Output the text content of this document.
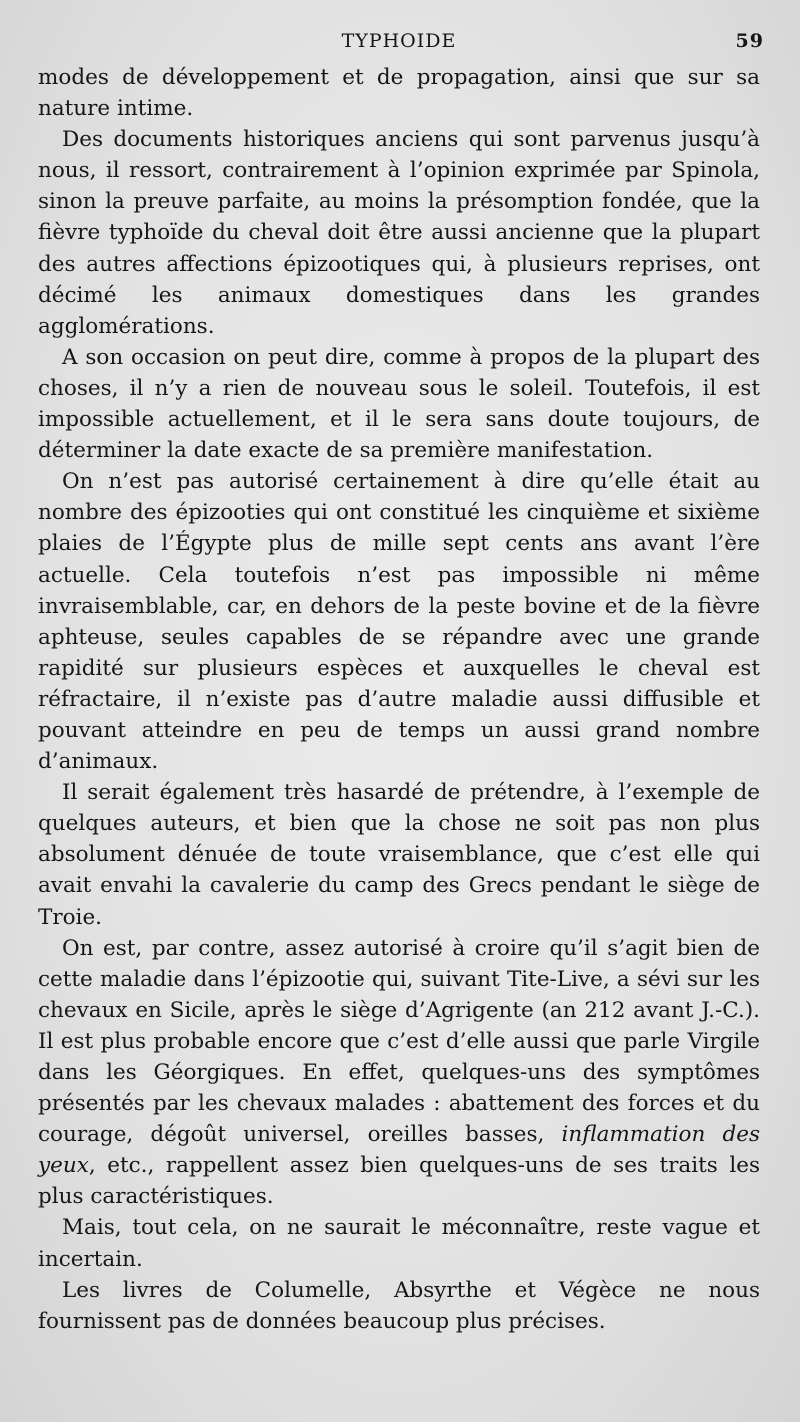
TYPHOIDE	59

modes de développement et de propagation, ainsi que sur sa nature intime.

Des documents historiques anciens qui sont parvenus jusqu’à nous, il ressort, contrairement à l’opinion exprimée par Spinola, sinon la preuve parfaite, au moins la présomption fondée, que la fièvre typhoïde du cheval doit être aussi ancienne que la plupart des autres affections épizootiques qui, à plusieurs reprises, ont décimé les animaux domestiques dans les grandes agglomérations.

A son occasion on peut dire, comme à propos de la plupart des choses, il n’y a rien de nouveau sous le soleil. Toutefois, il est impossible actuellement, et il le sera sans doute toujours, de déterminer la date exacte de sa première manifestation.

On n’est pas autorisé certainement à dire qu’elle était au nombre des épizooties qui ont constitué les cinquième et sixième plaies de l’Égypte plus de mille sept cents ans avant l’ère actuelle. Cela toutefois n’est pas impossible ni même invraisemblable, car, en dehors de la peste bovine et de la fièvre aphteuse, seules capables de se répandre avec une grande rapidité sur plusieurs espèces et auxquelles le cheval est réfractaire, il n’existe pas d’autre maladie aussi diffusible et pouvant atteindre en peu de temps un aussi grand nombre d’animaux.

Il serait également très hasardé de prétendre, à l’exemple de quelques auteurs, et bien que la chose ne soit pas non plus absolument dénuée de toute vraisemblance, que c’est elle qui avait envahi la cavalerie du camp des Grecs pendant le siège de Troie.

On est, par contre, assez autorisé à croire qu’il s’agit bien de cette maladie dans l’épizootie qui, suivant Tite-Live, a sévi sur les chevaux en Sicile, après le siège d’Agrigente (an 212 avant J.-C.). Il est plus probable encore que c’est d’elle aussi que parle Virgile dans les Géorgiques. En effet, quelques-uns des symptômes présentés par les chevaux malades : abattement des forces et du courage, dégoût universel, oreilles basses, inflammation des yeux, etc., rappellent assez bien quelques-uns de ses traits les plus caractéristiques.

Mais, tout cela, on ne saurait le méconnaître, reste vague et incertain.

Les livres de Columelle, Absyrthe et Végèce ne nous fournissent pas de données beaucoup plus précises.
